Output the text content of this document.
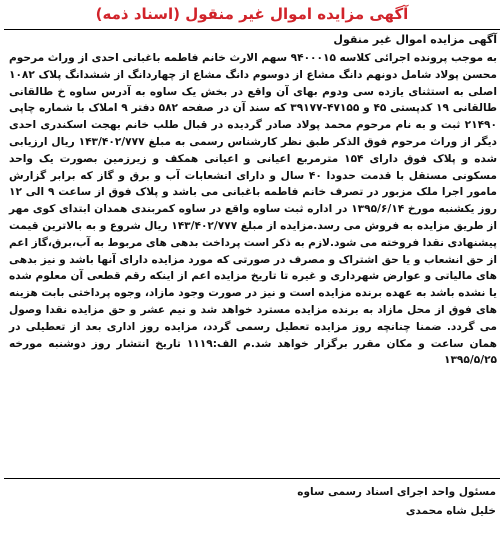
آگهی مزایده اموال غیر منقول (اسناد ذمه)
آگهی مزایده اموال غیر منقول
به موجب پرونده اجرائی کلاسه ۹۴۰۰۰۱۵ سهم الارث خانم فاطمه باغبانی احدی از وراث مرحوم محسن پولاد شامل دونهم دانگ مشاع از دوسوم دانگ مشاع از چهاردانگ از ششدانگ پلاک ۱۰۸۲ اصلی به استثنای یازده سی ودوم بهای آن واقع در بخش یک ساوه به آدرس ساوه خ طالقانی طالقانی ۱۹ کدپستی ۴۵ و ۴۷۱۵۵-۳۹۱۷۷ که سند آن در صفحه ۵۸۲ دفتر ۹ املاک با شماره چاپی ۲۱۴۹۰ ثبت و به نام مرحوم محمد پولاد صادر گردیده در قبال طلب خانم بهجت اسکندری احدی دیگر از وراث مرحوم فوق الذکر طبق نظر کارشناس رسمی به مبلغ ۱۴۳/۴۰۲/۷۷۷ ریال ارزیابی شده و پلاک فوق دارای ۱۵۴ مترمربع اعیانی و اعیانی همکف و زیرزمین بصورت یک واحد مسکونی مستقل با قدمت حدودا ۴۰ سال و دارای انشعابات آب و برق و گاز که برابر گزارش مامور اجرا ملک مزبور در تصرف خانم فاطمه باغبانی می باشد و پلاک فوق از ساعت ۹ الی ۱۲ روز یکشنبه مورخ ۱۳۹۵/۶/۱۴ در اداره ثبت ساوه واقع در ساوه کمربندی همدان ابتدای کوی مهر از طریق مزایده به فروش می رسد.مزایده از مبلغ ۱۴۳/۴۰۲/۷۷۷ ریال شروع و به بالاترین قیمت پیشنهادی نقدا فروخته می شود.لازم به ذکر است پرداخت بدهی های مربوط به آب،برق،گاز اعم از حق انشعاب و یا حق اشتراک و مصرف در صورتی که مورد مزایده دارای آنها باشد و نیز بدهی های مالیاتی و عوارض شهرداری و غیره تا تاریخ مزایده اعم از اینکه رقم قطعی آن معلوم شده یا نشده باشد به عهده برنده مزایده است و نیز در صورت وجود مازاد، وجوه پرداختی بابت هزینه های فوق از محل مازاد به برنده مزایده مسترد خواهد شد و نیم عشر و حق مزایده نقدا وصول می گردد. ضمنا چنانچه روز مزایده تعطیل رسمی گردد، مزایده روز اداری بعد از تعطیلی در همان ساعت و مکان مقرر برگزار خواهد شد.م الف:۱۱۱۹ تاریخ انتشار روز دوشنبه مورخه ۱۳۹۵/۵/۲۵
مسئول واحد اجرای اسناد رسمی ساوه
خلیل شاه محمدی
